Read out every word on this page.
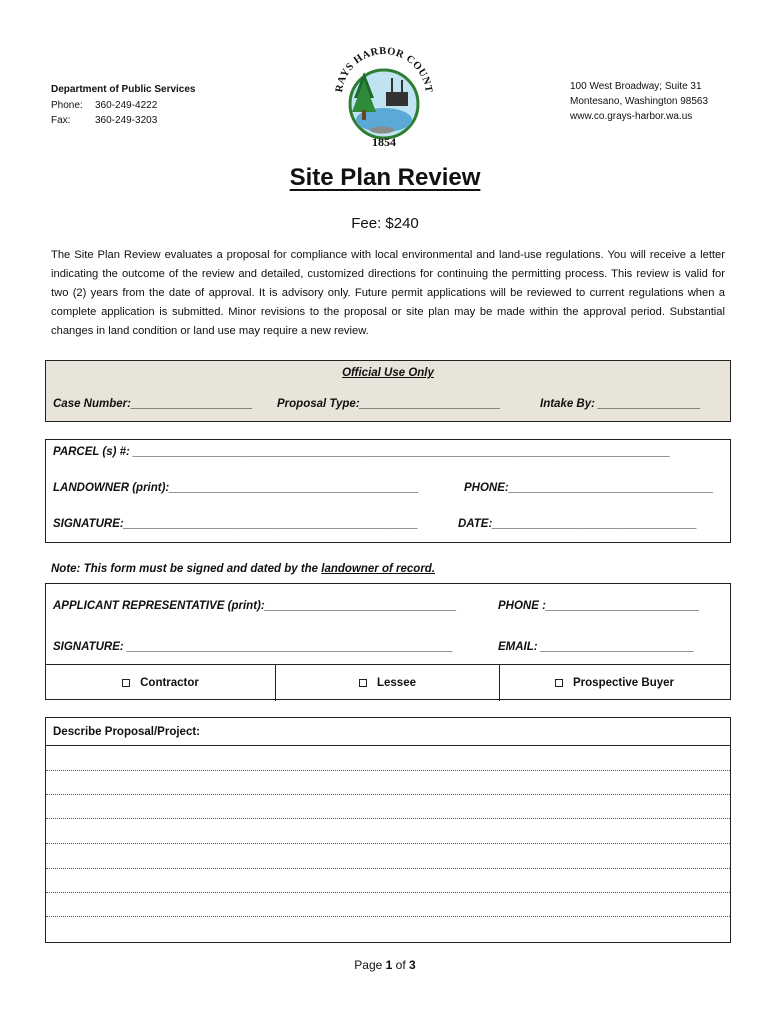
Department of Public Services
Phone: 360-249-4222
Fax: 360-249-3203
RAYS HARBOR COUNT
1854
100 West Broadway; Suite 31
Montesano, Washington 98563
www.co.grays-harbor.wa.us
Site Plan Review
Fee: $240
The Site Plan Review evaluates a proposal for compliance with local environmental and land-use regulations. You will receive a letter indicating the outcome of the review and detailed, customized directions for continuing the permitting process. This review is valid for two (2) years from the date of approval. It is advisory only. Future permit applications will be reviewed to current regulations when a complete application is submitted. Minor revisions to the proposal or site plan may be made within the approval period. Substantial changes in land condition or land use may require a new review.
Official Use Only
Case Number:___________________ Proposal Type:______________________	Intake By: ________________
PARCEL (s) #: ____________________________________________________________________________________
LANDOWNER (print):_______________________________________	PHONE:________________________________
SIGNATURE:______________________________________________	DATE:________________________________
Note: This form must be signed and dated by the landowner of record.
APPLICANT REPRESENTATIVE (print):______________________________	PHONE :________________________
SIGNATURE: ___________________________________________________	EMAIL: ________________________
Contractor	Lessee	Prospective Buyer
Describe Proposal/Project:
Page 1 of 3
